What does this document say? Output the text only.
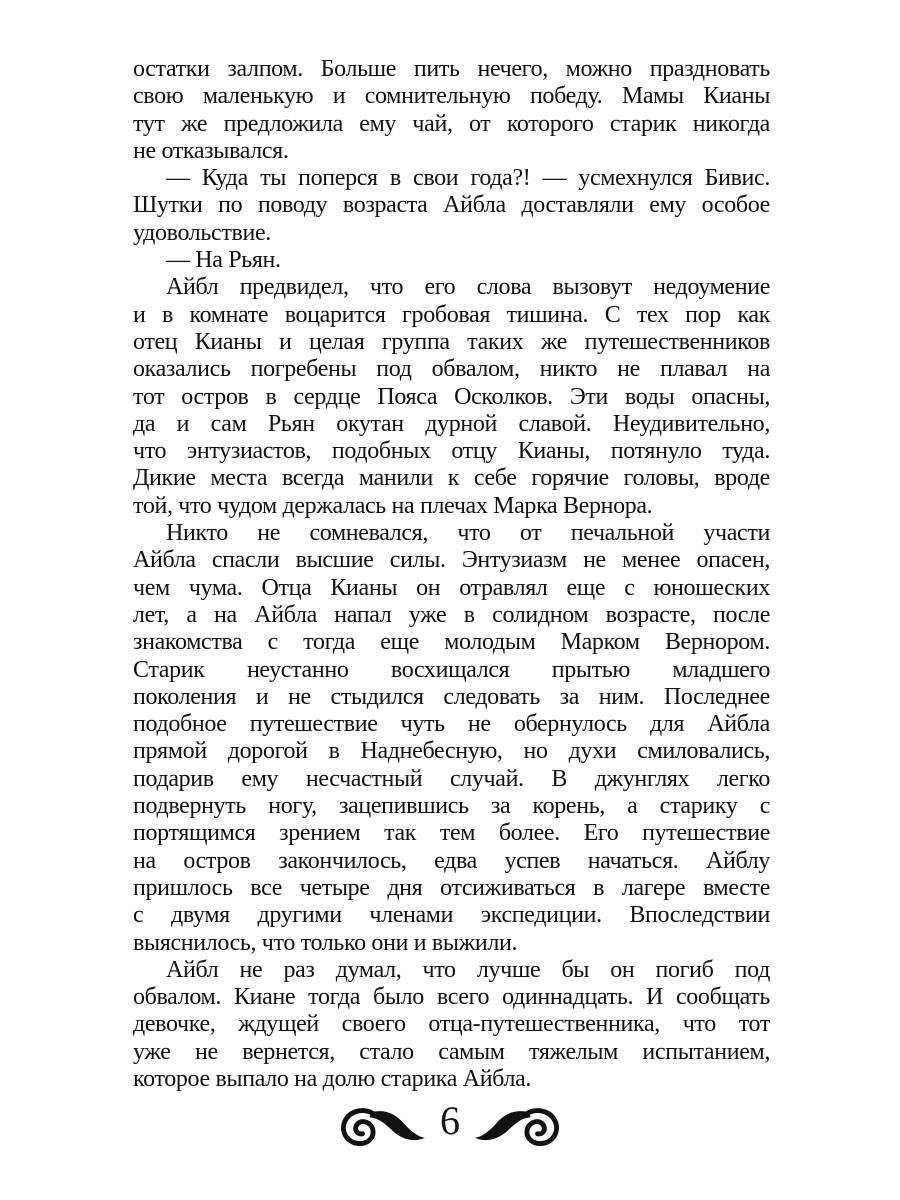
остатки залпом. Больше пить нечего, можно праздновать
свою маленькую и сомнительную победу. Мамы Кианы
тут же предложила ему чай, от которого старик никогда
не отказывался.
— Куда ты поперся в свои года?! — усмехнулся Бивис.
Шутки по поводу возраста Айбла доставляли ему особое
удовольствие.
— На Рьян.
Айбл предвидел, что его слова вызовут недоумение
и в комнате воцарится гробовая тишина. С тех пор как
отец Кианы и целая группа таких же путешественников
оказались погребены под обвалом, никто не плавал на
тот остров в сердце Пояса Осколков. Эти воды опасны,
да и сам Рьян окутан дурной славой. Неудивительно,
что энтузиастов, подобных отцу Кианы, потянуло туда.
Дикие места всегда манили к себе горячие головы, вроде
той, что чудом держалась на плечах Марка Вернора.
Никто не сомневался, что от печальной участи
Айбла спасли высшие силы. Энтузиазм не менее опасен,
чем чума. Отца Кианы он отравлял еще с юношеских
лет, а на Айбла напал уже в солидном возрасте, после
знакомства с тогда еще молодым Марком Вернором.
Старик неустанно восхищался прытью младшего
поколения и не стыдился следовать за ним. Последнее
подобное путешествие чуть не обернулось для Айбла
прямой дорогой в Наднебесную, но духи смиловались,
подарив ему несчастный случай. В джунглях легко
подвернуть ногу, зацепившись за корень, а старику с
портящимся зрением так тем более. Его путешествие
на остров закончилось, едва успев начаться. Айблу
пришлось все четыре дня отсиживаться в лагере вместе
с двумя другими членами экспедиции. Впоследствии
выяснилось, что только они и выжили.
Айбл не раз думал, что лучше бы он погиб под
обвалом. Киане тогда было всего одиннадцать. И сообщать
девочке, ждущей своего отца-путешественника, что тот
уже не вернется, стало самым тяжелым испытанием,
которое выпало на долю старика Айбла.
6
